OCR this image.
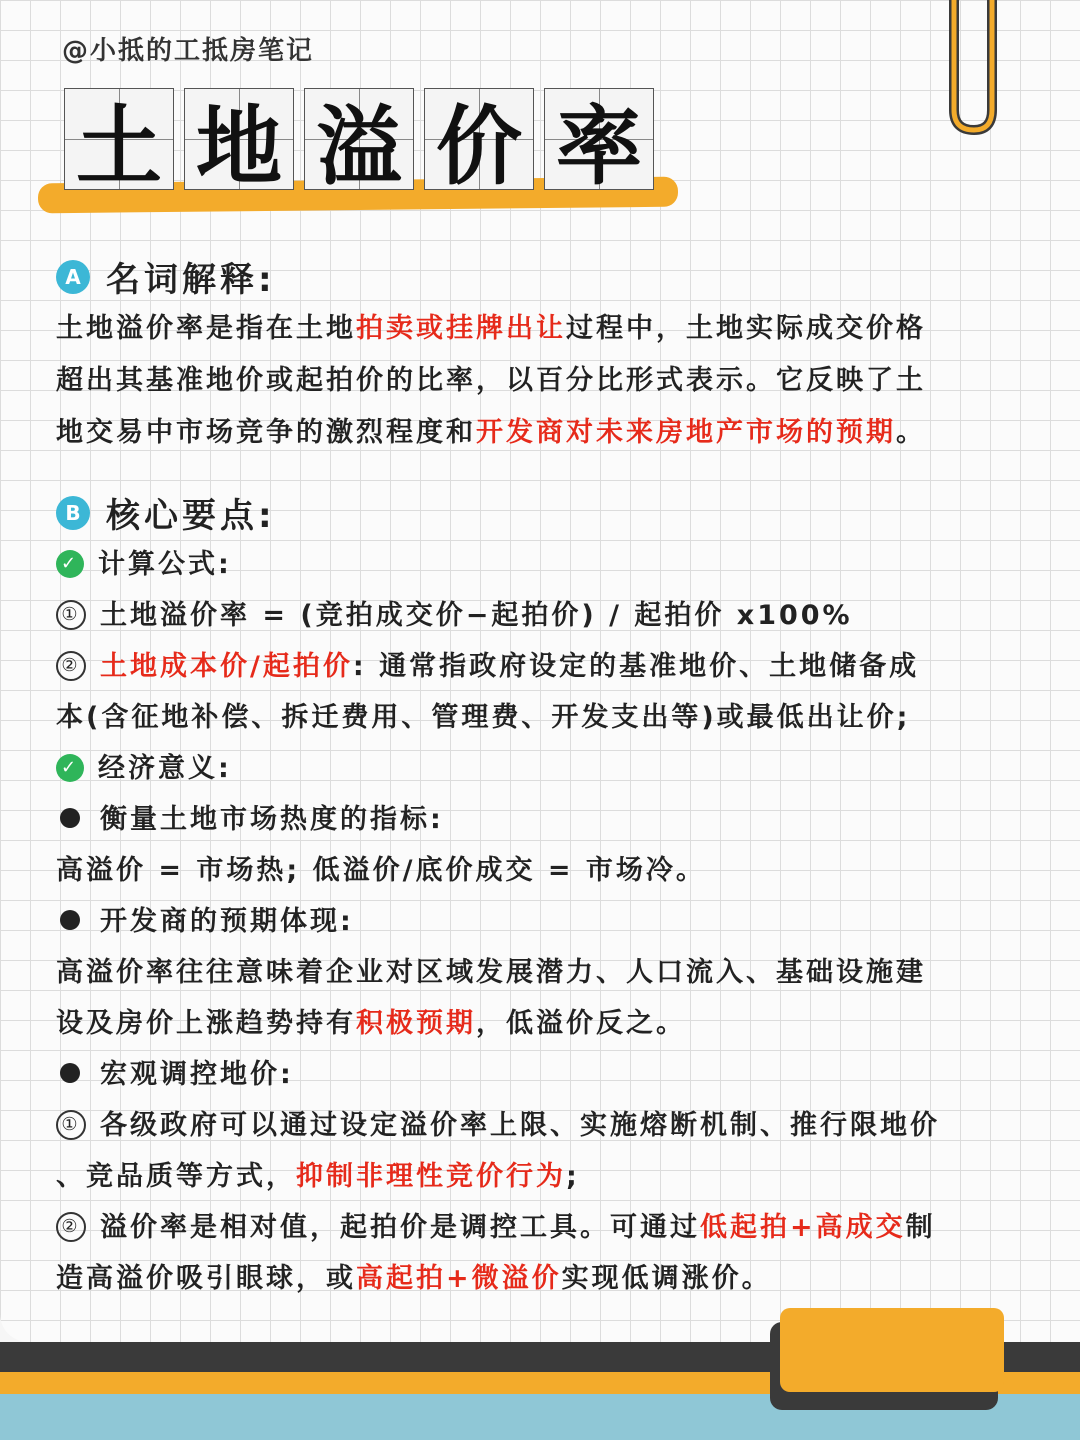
@小抵的工抵房笔记
土 地 溢 价 率
A 名词解释:
土地溢价率是指在土地拍卖或挂牌出让过程中，土地实际成交价格
超出其基准地价或起拍价的比率，以百分比形式表示。它反映了土
地交易中市场竞争的激烈程度和开发商对未来房地产市场的预期。
B 核心要点:
✓ 计算公式:
① 土地溢价率 = (竞拍成交价−起拍价) / 起拍价 x100%
② 土地成本价/起拍价: 通常指政府设定的基准地价、土地储备成
本(含征地补偿、拆迁费用、管理费、开发支出等)或最低出让价;
✓ 经济意义:
衡量土地市场热度的指标:
高溢价 = 市场热; 低溢价/底价成交 = 市场冷。
开发商的预期体现:
高溢价率往往意味着企业对区域发展潜力、人口流入、基础设施建
设及房价上涨趋势持有积极预期，低溢价反之。
宏观调控地价:
① 各级政府可以通过设定溢价率上限、实施熔断机制、推行限地价
、竞品质等方式，抑制非理性竞价行为;
② 溢价率是相对值，起拍价是调控工具。可通过低起拍+高成交制
造高溢价吸引眼球，或高起拍+微溢价实现低调涨价。
